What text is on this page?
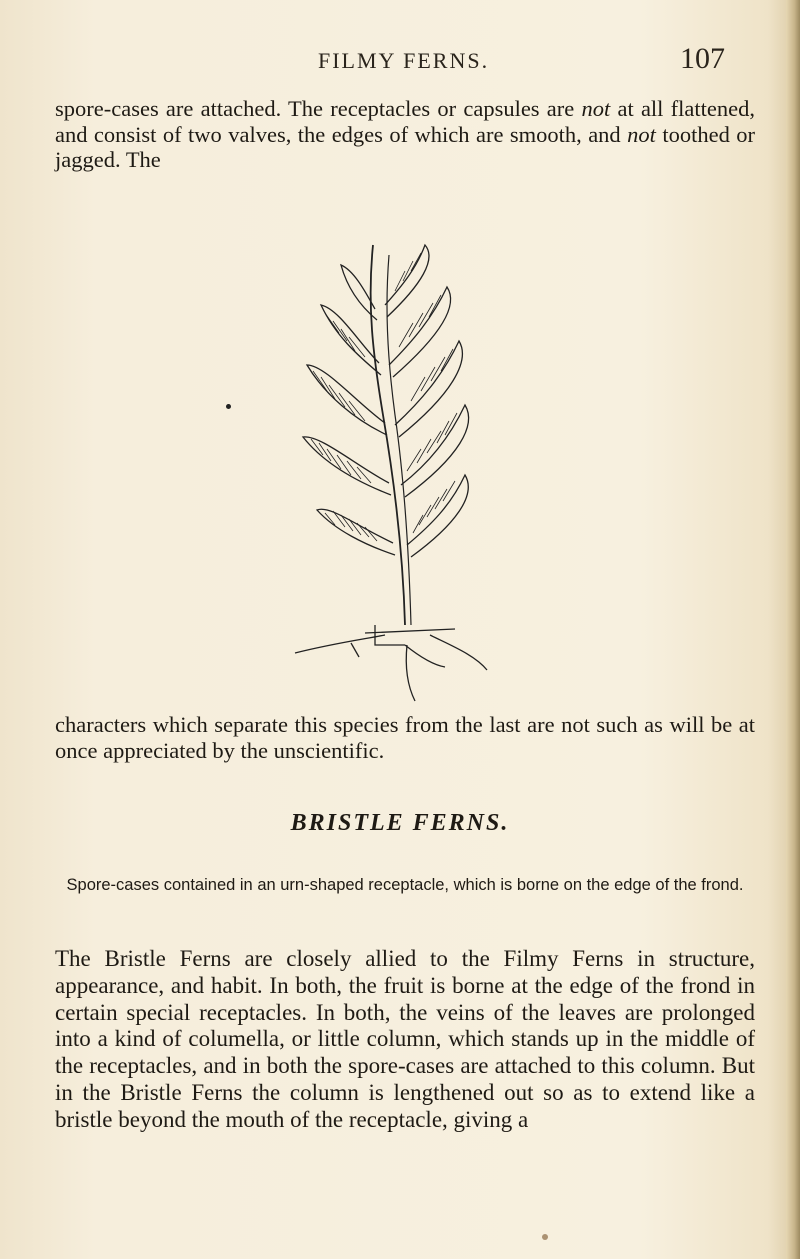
FILMY FERNS.	107

spore-cases are attached. The receptacles or capsules are not at all flattened, and consist of two valves, the edges of which are smooth, and not toothed or jagged. The

characters which separate this species from the last are not such as will be at once appreciated by the unscientific.

BRISTLE FERNS.
Spore-cases contained in an urn-shaped receptacle, which is borne on the edge of the frond.

The Bristle Ferns are closely allied to the Filmy Ferns in structure, appearance, and habit. In both, the fruit is borne at the edge of the frond in certain special receptacles. In both, the veins of the leaves are prolonged into a kind of columella, or little column, which stands up in the middle of the receptacles, and in both the spore-cases are attached to this column. But in the Bristle Ferns the column is lengthened out so as to extend like a bristle beyond the mouth of the receptacle, giving a
